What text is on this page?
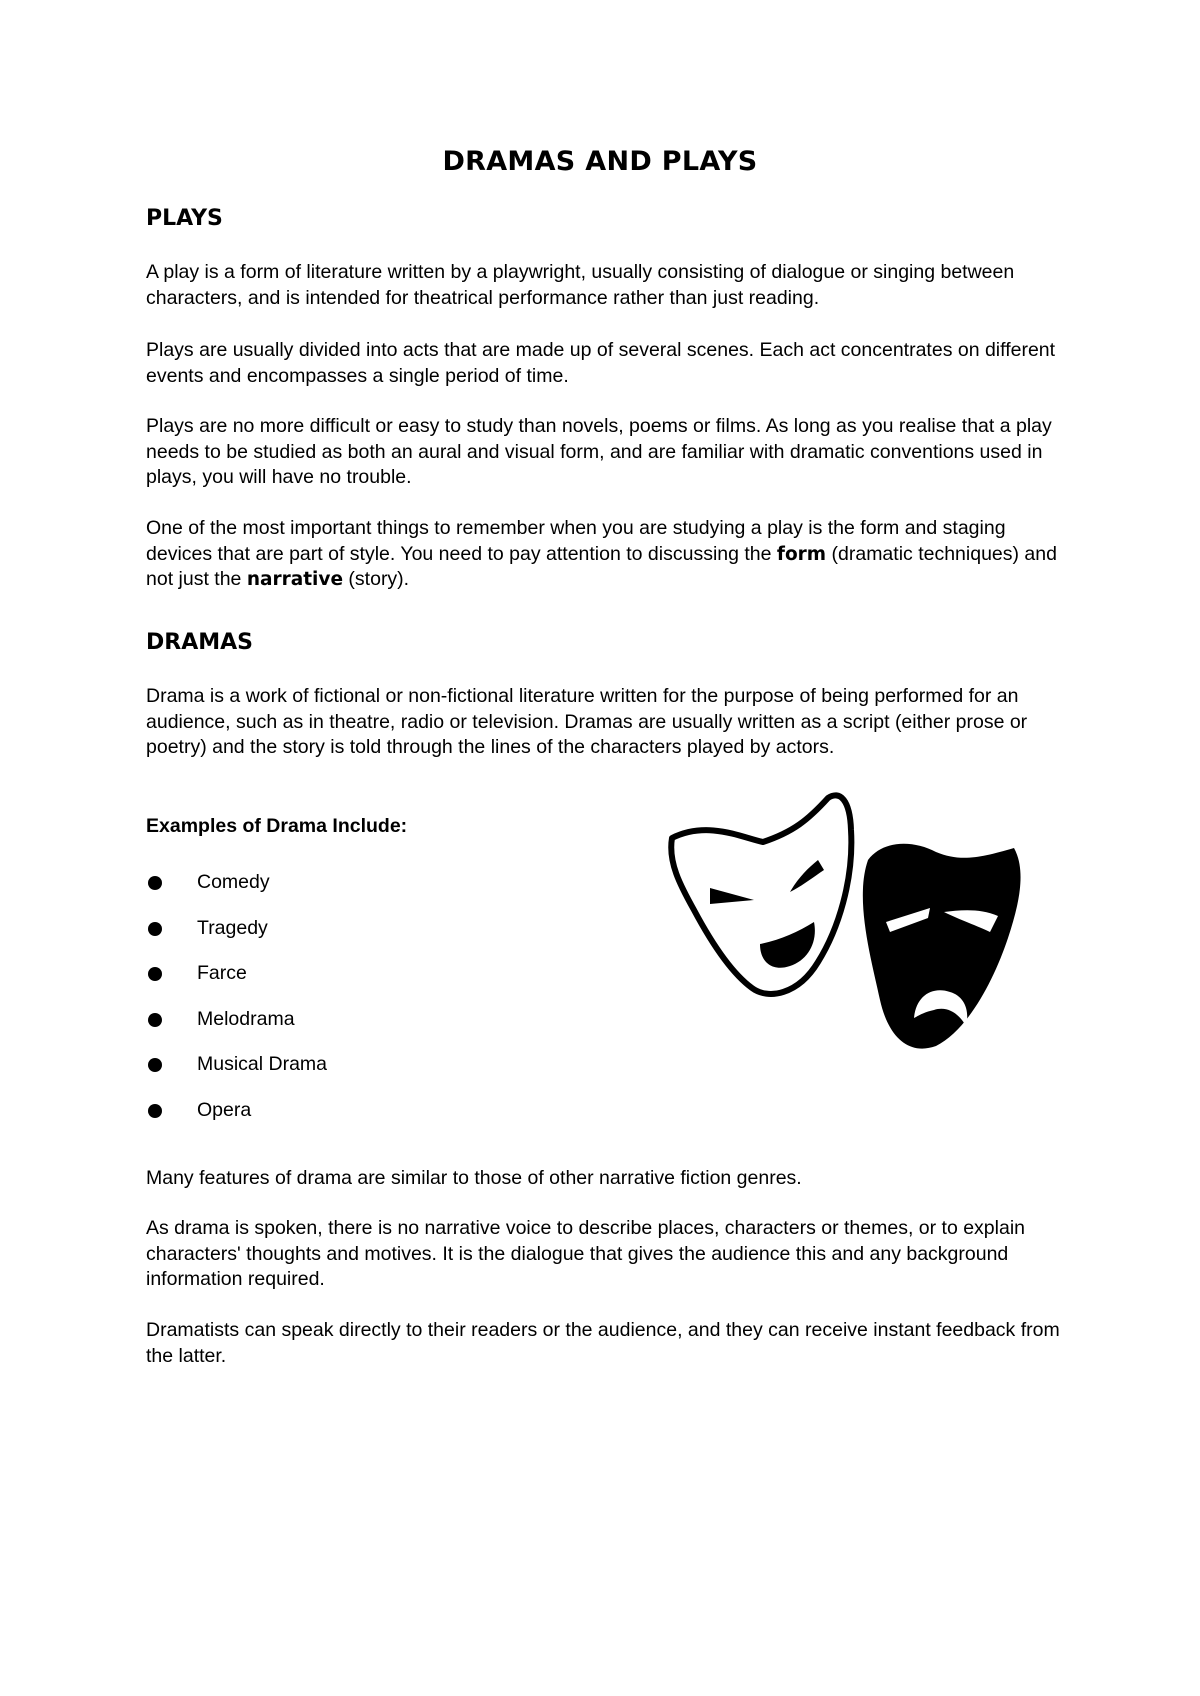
DRAMAS AND PLAYS
PLAYS

A play is a form of literature written by a playwright, usually consisting of dialogue or singing between characters, and is intended for theatrical performance rather than just reading.

Plays are usually divided into acts that are made up of several scenes. Each act concentrates on different events and encompasses a single period of time.

Plays are no more difficult or easy to study than novels, poems or films. As long as you realise that a play needs to be studied as both an aural and visual form, and are familiar with dramatic conventions used in plays, you will have no trouble.

One of the most important things to remember when you are studying a play is the form and staging devices that are part of style. You need to pay attention to discussing the form (dramatic techniques) and not just the narrative (story).

DRAMAS

Drama is a work of fictional or non-fictional literature written for the purpose of being performed for an audience, such as in theatre, radio or television. Dramas are usually written as a script (either prose or poetry) and the story is told through the lines of the characters played by actors.

Examples of Drama Include:

Comedy
Tragedy
Farce
Melodrama
Musical Drama
Opera

Many features of drama are similar to those of other narrative fiction genres.

As drama is spoken, there is no narrative voice to describe places, characters or themes, or to explain characters' thoughts and motives. It is the dialogue that gives the audience this and any background information required.

Dramatists can speak directly to their readers or the audience, and they can receive instant feedback from the latter.
